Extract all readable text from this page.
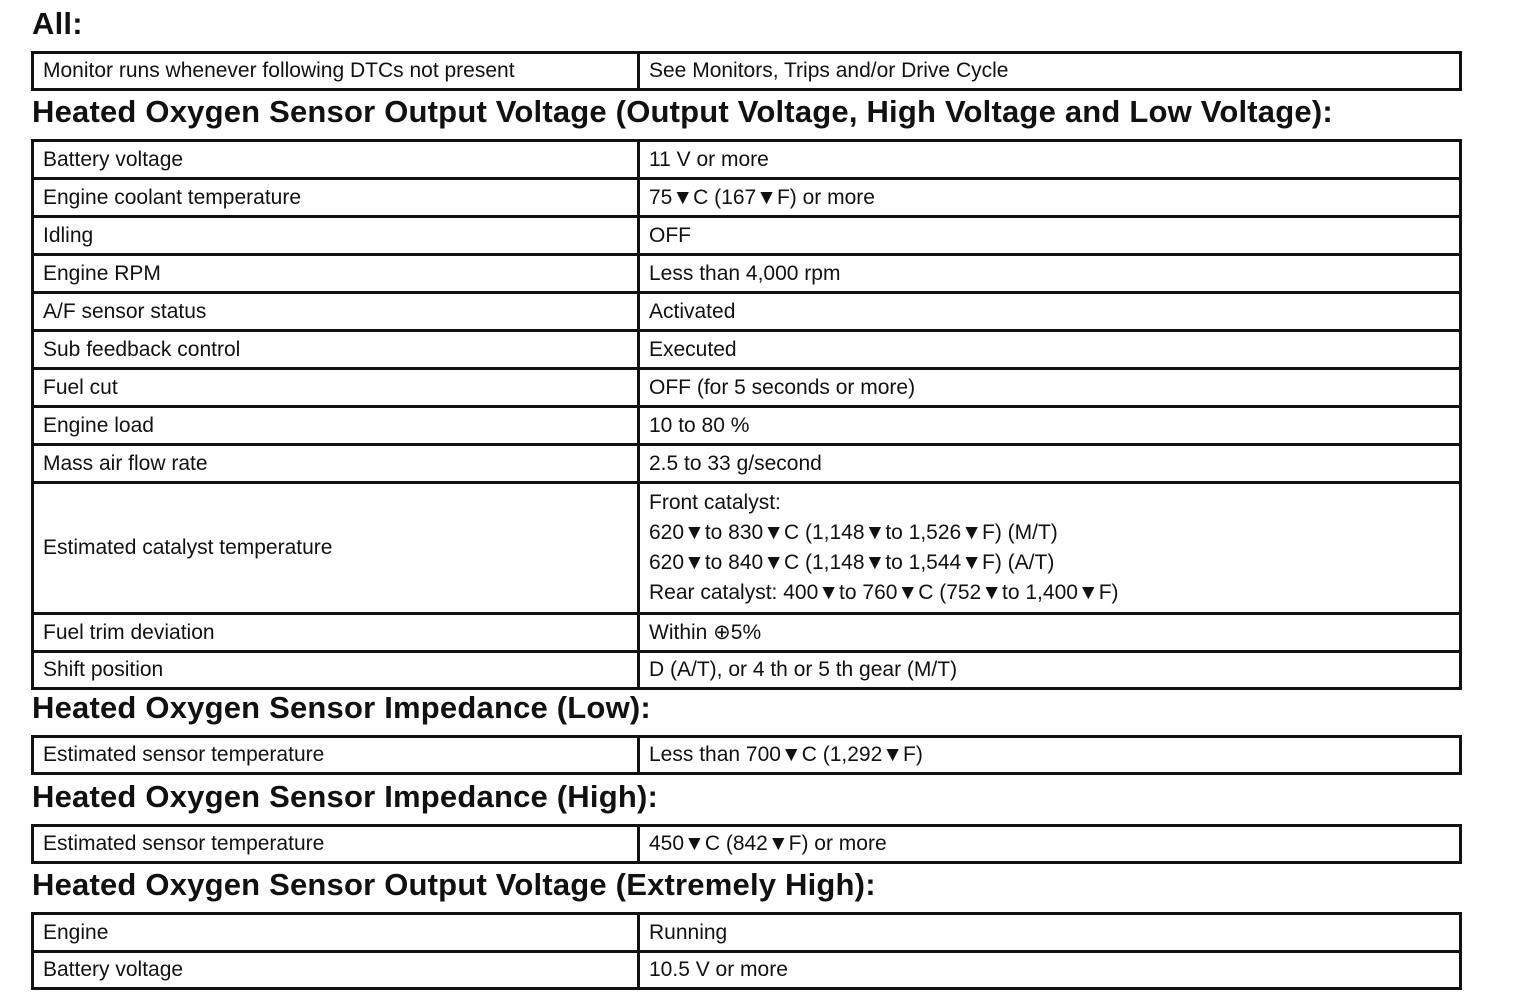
All:
Monitor runs whenever following DTCs not present	See Monitors, Trips and/or Drive Cycle
Heated Oxygen Sensor Output Voltage (Output Voltage, High Voltage and Low Voltage):
Battery voltage	11 V or more
Engine coolant temperature	75▼C (167▼F) or more
Idling	OFF
Engine RPM	Less than 4,000 rpm
A/F sensor status	Activated
Sub feedback control	Executed
Fuel cut	OFF (for 5 seconds or more)
Engine load	10 to 80 %
Mass air flow rate	2.5 to 33 g/second
Estimated catalyst temperature	Front catalyst:
620▼to 830▼C (1,148▼to 1,526▼F) (M/T)
620▼to 840▼C (1,148▼to 1,544▼F) (A/T)
Rear catalyst: 400▼to 760▼C (752▼to 1,400▼F)

Fuel trim deviation	Within ⊕5%
Shift position	D (A/T), or 4 th or 5 th gear (M/T)
Heated Oxygen Sensor Impedance (Low):
Estimated sensor temperature	Less than 700▼C (1,292▼F)
Heated Oxygen Sensor Impedance (High):
Estimated sensor temperature	450▼C (842▼F) or more
Heated Oxygen Sensor Output Voltage (Extremely High):
Engine	Running
Battery voltage	10.5 V or more
